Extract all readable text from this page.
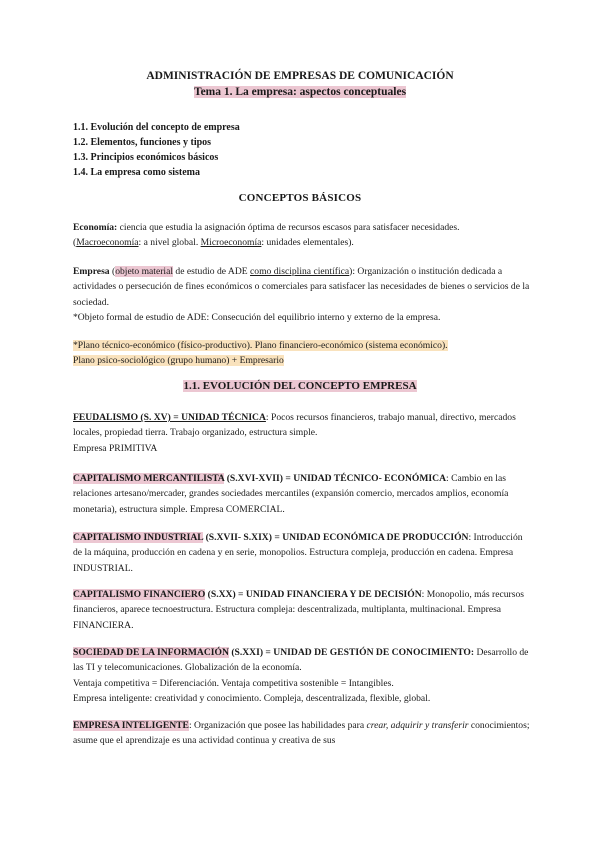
ADMINISTRACIÓN DE EMPRESAS DE COMUNICACIÓN
Tema 1. La empresa: aspectos conceptuales
1.1. Evolución del concepto de empresa
1.2. Elementos, funciones y tipos
1.3. Principios económicos básicos
1.4. La empresa como sistema
CONCEPTOS BÁSICOS
Economía: ciencia que estudia la asignación óptima de recursos escasos para satisfacer necesidades.
(Macroeconomía: a nivel global. Microeconomía: unidades elementales).
Empresa (objeto material de estudio de ADE como disciplina científica): Organización o institución dedicada a actividades o persecución de fines económicos o comerciales para satisfacer las necesidades de bienes o servicios de la sociedad.
*Objeto formal de estudio de ADE: Consecución del equilibrio interno y externo de la empresa.
*Plano técnico-económico (físico-productivo). Plano financiero-económico (sistema económico).
Plano psico-sociológico (grupo humano) + Empresario
1.1. EVOLUCIÓN DEL CONCEPTO EMPRESA
FEUDALISMO (S. XV) = UNIDAD TÉCNICA: Pocos recursos financieros, trabajo manual, directivo, mercados locales, propiedad tierra. Trabajo organizado, estructura simple.
Empresa PRIMITIVA
CAPITALISMO MERCANTILISTA (S.XVI-XVII) = UNIDAD TÉCNICO- ECONÓMICA: Cambio en las relaciones artesano/mercader, grandes sociedades mercantiles (expansión comercio, mercados amplios, economía monetaria), estructura simple. Empresa COMERCIAL.
CAPITALISMO INDUSTRIAL (S.XVII- S.XIX) = UNIDAD ECONÓMICA DE PRODUCCIÓN: Introducción de la máquina, producción en cadena y en serie, monopolios. Estructura compleja, producción en cadena. Empresa INDUSTRIAL.
CAPITALISMO FINANCIERO (S.XX) = UNIDAD FINANCIERA Y DE DECISIÓN: Monopolio, más recursos financieros, aparece tecnoestructura. Estructura compleja: descentralizada, multiplanta, multinacional. Empresa FINANCIERA.
SOCIEDAD DE LA INFORMACIÓN (S.XXI) = UNIDAD DE GESTIÓN DE CONOCIMIENTO: Desarrollo de las TI y telecomunicaciones. Globalización de la economía.
Ventaja competitiva = Diferenciación. Ventaja competitiva sostenible = Intangibles.
Empresa inteligente: creatividad y conocimiento. Compleja, descentralizada, flexible, global.
EMPRESA INTELIGENTE: Organización que posee las habilidades para crear, adquirir y transferir conocimientos; asume que el aprendizaje es una actividad continua y creativa de sus
